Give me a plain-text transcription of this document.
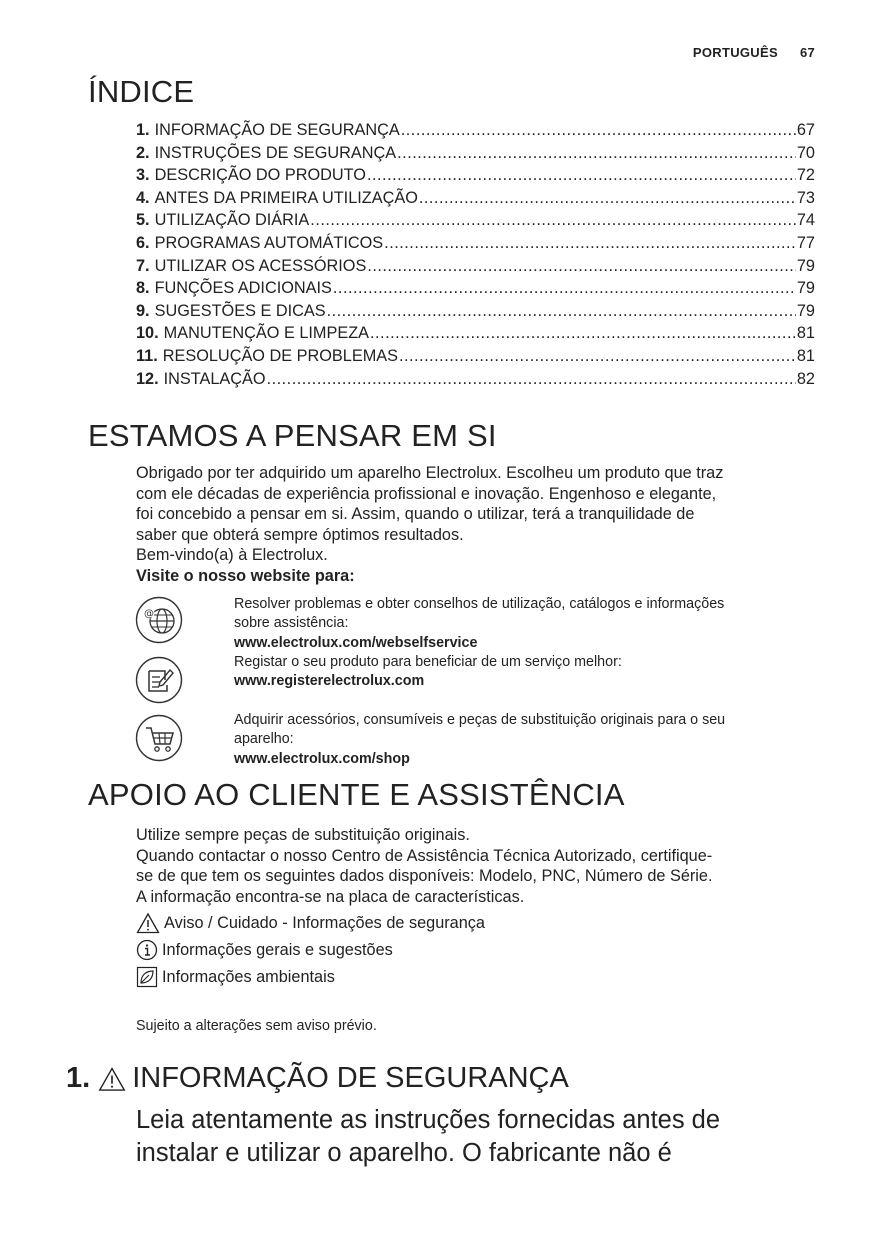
PORTUGUÊS 67
ÍNDICE
1. INFORMAÇÃO DE SEGURANÇA .....	67
2. INSTRUÇÕES DE SEGURANÇA .....	70
3. DESCRIÇÃO DO PRODUTO .....	72
4. ANTES DA PRIMEIRA UTILIZAÇÃO .....	73
5. UTILIZAÇÃO DIÁRIA .....	74
6. PROGRAMAS AUTOMÁTICOS .....	77
7. UTILIZAR OS ACESSÓRIOS .....	79
8. FUNÇÕES ADICIONAIS .....	79
9. SUGESTÕES E DICAS .....	79
10. MANUTENÇÃO E LIMPEZA .....	81
11. RESOLUÇÃO DE PROBLEMAS .....	81
12. INSTALAÇÃO .....	82
ESTAMOS A PENSAR EM SI
Obrigado por ter adquirido um aparelho Electrolux. Escolheu um produto que traz
com ele décadas de experiência profissional e inovação. Engenhoso e elegante,
foi concebido a pensar em si. Assim, quando o utilizar, terá a tranquilidade de
saber que obterá sempre óptimos resultados.
Bem-vindo(a) à Electrolux.
Visite o nosso website para:
@
Resolver problemas e obter conselhos de utilização, catálogos e informações
sobre assistência:
www.electrolux.com/webselfservice
Registar o seu produto para beneficiar de um serviço melhor:
www.registerelectrolux.com
Adquirir acessórios, consumíveis e peças de substituição originais para o seu
aparelho:
www.electrolux.com/shop
APOIO AO CLIENTE E ASSISTÊNCIA
Utilize sempre peças de substituição originais.
Quando contactar o nosso Centro de Assistência Técnica Autorizado, certifique-
se de que tem os seguintes dados disponíveis: Modelo, PNC, Número de Série.
A informação encontra-se na placa de características.
Aviso / Cuidado - Informações de segurança
Informações gerais e sugestões
Informações ambientais
Sujeito a alterações sem aviso prévio.
1. INFORMAÇÃO DE SEGURANÇA
Leia atentamente as instruções fornecidas antes de
instalar e utilizar o aparelho. O fabricante não é
